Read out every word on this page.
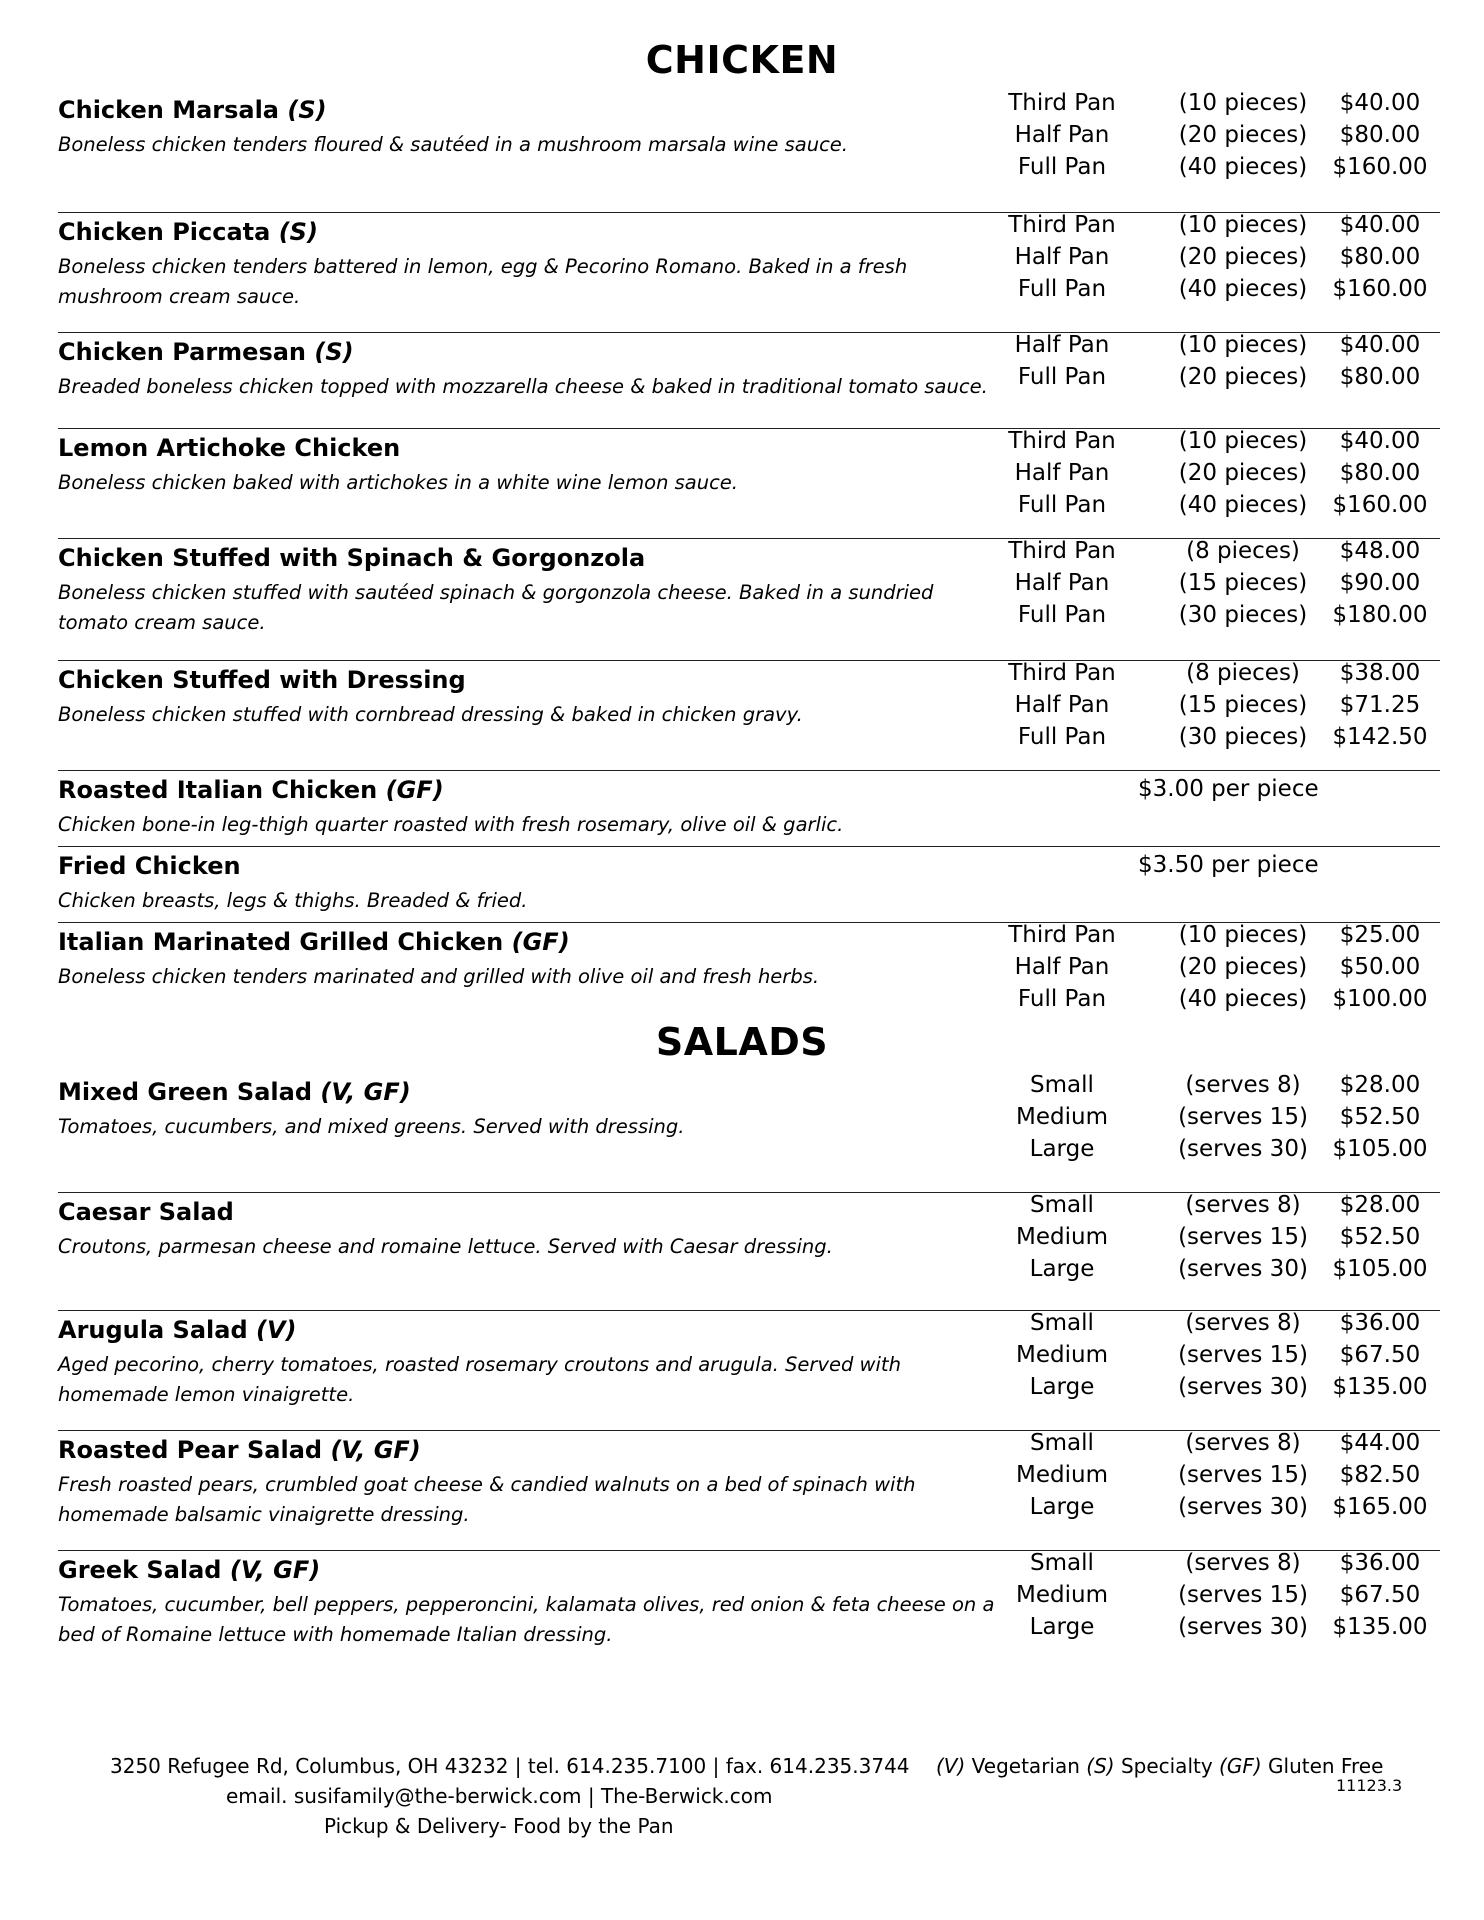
CHICKEN
Chicken Marsala (S)
Boneless chicken tenders floured & sautéed in a mushroom marsala wine sauce.
Third Pan	(10 pieces)	$40.00
Half Pan	(20 pieces)	$80.00
Full Pan	(40 pieces)	$160.00
Chicken Piccata (S)
Boneless chicken tenders battered in lemon, egg & Pecorino Romano. Baked in a fresh mushroom cream sauce.
Third Pan	(10 pieces)	$40.00
Half Pan	(20 pieces)	$80.00
Full Pan	(40 pieces)	$160.00
Chicken Parmesan (S)
Breaded boneless chicken topped with mozzarella cheese & baked in traditional tomato sauce.
Half Pan	(10 pieces)	$40.00
Full Pan	(20 pieces)	$80.00
Lemon Artichoke Chicken
Boneless chicken baked with artichokes in a white wine lemon sauce.
Third Pan	(10 pieces)	$40.00
Half Pan	(20 pieces)	$80.00
Full Pan	(40 pieces)	$160.00
Chicken Stuffed with Spinach & Gorgonzola
Boneless chicken stuffed with sautéed spinach & gorgonzola cheese. Baked in a sundried tomato cream sauce.
Third Pan	(8 pieces)	$48.00
Half Pan	(15 pieces)	$90.00
Full Pan	(30 pieces)	$180.00
Chicken Stuffed with Dressing
Boneless chicken stuffed with cornbread dressing & baked in chicken gravy.
Third Pan	(8 pieces)	$38.00
Half Pan	(15 pieces)	$71.25
Full Pan	(30 pieces)	$142.50
Roasted Italian Chicken (GF)
Chicken bone-in leg-thigh quarter roasted with fresh rosemary, olive oil & garlic.
$3.00 per piece
Fried Chicken
Chicken breasts, legs & thighs. Breaded & fried.
$3.50 per piece
Italian Marinated Grilled Chicken (GF)
Boneless chicken tenders marinated and grilled with olive oil and fresh herbs.
Third Pan	(10 pieces)	$25.00
Half Pan	(20 pieces)	$50.00
Full Pan	(40 pieces)	$100.00
SALADS
Mixed Green Salad (V, GF)
Tomatoes, cucumbers, and mixed greens. Served with dressing.
Small	(serves 8)	$28.00
Medium	(serves 15)	$52.50
Large	(serves 30)	$105.00
Caesar Salad
Croutons, parmesan cheese and romaine lettuce. Served with Caesar dressing.
Small	(serves 8)	$28.00
Medium	(serves 15)	$52.50
Large	(serves 30)	$105.00
Arugula Salad (V)
Aged pecorino, cherry tomatoes, roasted rosemary croutons and arugula. Served with homemade lemon vinaigrette.
Small	(serves 8)	$36.00
Medium	(serves 15)	$67.50
Large	(serves 30)	$135.00
Roasted Pear Salad (V, GF)
Fresh roasted pears, crumbled goat cheese & candied walnuts on a bed of spinach with homemade balsamic vinaigrette dressing.
Small	(serves 8)	$44.00
Medium	(serves 15)	$82.50
Large	(serves 30)	$165.00
Greek Salad (V, GF)
Tomatoes, cucumber, bell peppers, pepperoncini, kalamata olives, red onion & feta cheese on a bed of Romaine lettuce with homemade Italian dressing.
Small	(serves 8)	$36.00
Medium	(serves 15)	$67.50
Large	(serves 30)	$135.00
3250 Refugee Rd, Columbus, OH 43232 | tel. 614.235.7100 | fax. 614.235.3744
email. susifamily@the-berwick.com | The-Berwick.com
Pickup & Delivery- Food by the Pan
(V) Vegetarian (S) Specialty (GF) Gluten Free
11123.3
